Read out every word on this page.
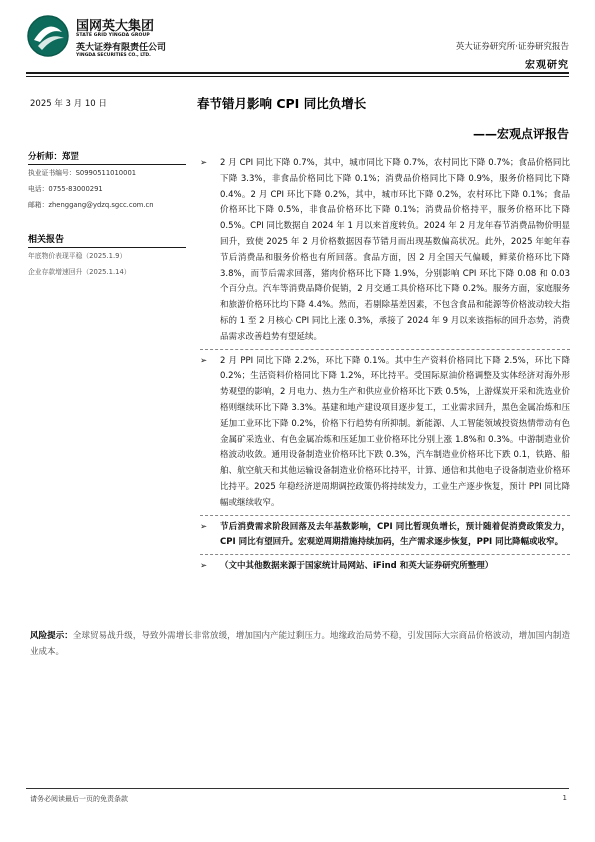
国网英大集团
STATE GRID YINGDA GROUP
英大证券有限责任公司
YINGDA SECURITIES CO., LTD.
英大证券研究所·证券研究报告
宏观研究
2025 年 3 月 10 日	春节错月影响 CPI 同比负增长
——宏观点评报告
分析师：郑罡
执业证书编号：S0990511010001
电话：0755-83000291
邮箱：zhenggang@ydzq.sgcc.com.cn
相关报告
年底物价表现平稳（2025.1.9）
企业存款增速回升（2025.1.14）
➢ 2 月 CPI 同比下降 0.7%，其中，城市同比下降 0.7%，农村同比下降 0.7%；食品价格同比下降 3.3%，非食品价格同比下降 0.1%；消费品价格同比下降 0.9%，服务价格同比下降 0.4%。2 月 CPI 环比下降 0.2%，其中，城市环比下降 0.2%，农村环比下降 0.1%；食品价格环比下降 0.5%，非食品价格环比下降 0.1%；消费品价格持平，服务价格环比下降 0.5%。CPI 同比数据自 2024 年 1 月以来首度转负。2024 年 2 月龙年春节消费品物价明显回升，致使 2025 年 2 月价格数据因春节错月而出现基数偏高状况。此外，2025 年蛇年春节后消费品和服务价格也有所回落。食品方面，因 2 月全国天气偏暖，鲜菜价格环比下降 3.8%，而节后需求回落，猪肉价格环比下降 1.9%，分别影响 CPI 环比下降 0.08 和 0.03 个百分点。汽车等消费品降价促销，2 月交通工具价格环比下降 0.2%。服务方面，家庭服务和旅游价格环比均下降 4.4%。然而，若剔除基差因素，不包含食品和能源等价格波动较大指标的 1 至 2 月核心 CPI 同比上涨 0.3%，承接了 2024 年 9 月以来该指标的回升态势，消费品需求改善趋势有望延续。
➢ 2 月 PPI 同比下降 2.2%，环比下降 0.1%。其中生产资料价格同比下降 2.5%，环比下降 0.2%；生活资料价格同比下降 1.2%，环比持平。受国际原油价格调整及实体经济对海外形势观望的影响，2 月电力、热力生产和供应业价格环比下跌 0.5%，上游煤炭开采和洗选业价格则继续环比下降 3.3%。基建和地产建设项目逐步复工，工业需求回升，黑色金属冶炼和压延加工业环比下降 0.2%，价格下行趋势有所抑制。新能源、人工智能领域投资热情带动有色金属矿采选业、有色金属冶炼和压延加工业价格环比分别上涨 1.8%和 0.3%。中游制造业价格波动收敛。通用设备制造业价格环比下跌 0.3%，汽车制造业价格环比下跌 0.1，铁路、船舶、航空航天和其他运输设备制造业价格环比持平，计算、通信和其他电子设备制造业价格环比持平。2025 年稳经济逆周期调控政策仍将持续发力，工业生产逐步恢复，预计 PPI 同比降幅或继续收窄。
➢ 节后消费需求阶段回落及去年基数影响，CPI 同比暂现负增长，预计随着促消费政策发力，CPI 同比有望回升。宏观逆周期措施持续加码，生产需求逐步恢复，PPI 同比降幅或收窄。
➢ （文中其他数据来源于国家统计局网站、iFind 和英大证券研究所整理）
风险提示：全球贸易战升级，导致外需增长非常放缓，增加国内产能过剩压力。地缘政治局势不稳，引发国际大宗商品价格波动，增加国内制造业成本。
请务必阅读最后一页的免责条款	1
